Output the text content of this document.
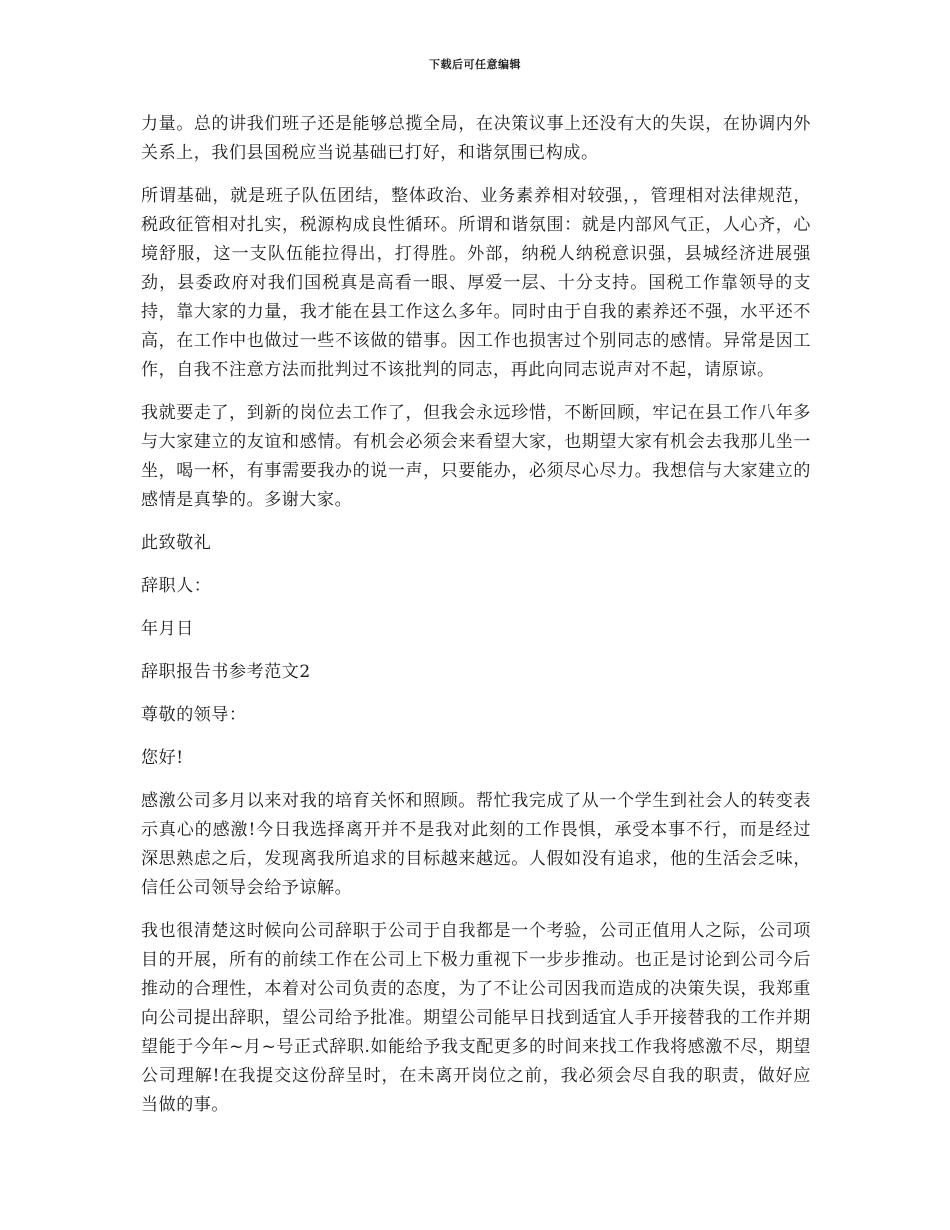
下载后可任意编辑

力量。总的讲我们班子还是能够总揽全局，在决策议事上还没有大的失误，在协调内外关系上，我们县国税应当说基础已打好，和谐氛围已构成。

所谓基础，就是班子队伍团结，整体政治、业务素养相对较强，，管理相对法律规范，税政征管相对扎实，税源构成良性循环。所谓和谐氛围：就是内部风气正，人心齐，心境舒服，这一支队伍能拉得出，打得胜。外部，纳税人纳税意识强，县城经济进展强劲，县委政府对我们国税真是高看一眼、厚爱一层、十分支持。国税工作靠领导的支持，靠大家的力量，我才能在县工作这么多年。同时由于自我的素养还不强，水平还不高，在工作中也做过一些不该做的错事。因工作也损害过个别同志的感情。异常是因工作，自我不注意方法而批判过不该批判的同志，再此向同志说声对不起，请原谅。

我就要走了，到新的岗位去工作了，但我会永远珍惜，不断回顾，牢记在县工作八年多与大家建立的友谊和感情。有机会必须会来看望大家，也期望大家有机会去我那儿坐一坐，喝一杯，有事需要我办的说一声，只要能办，必须尽心尽力。我想信与大家建立的感情是真挚的。多谢大家。

此致敬礼

辞职人：

年月日

辞职报告书参考范文2

尊敬的领导：

您好!

感激公司多月以来对我的培育关怀和照顾。帮忙我完成了从一个学生到社会人的转变表示真心的感激!今日我选择离开并不是我对此刻的工作畏惧，承受本事不行，而是经过深思熟虑之后，发现离我所追求的目标越来越远。人假如没有追求，他的生活会乏味，信任公司领导会给予谅解。

我也很清楚这时候向公司辞职于公司于自我都是一个考验，公司正值用人之际，公司项目的开展，所有的前续工作在公司上下极力重视下一步步推动。也正是讨论到公司今后推动的合理性，本着对公司负责的态度，为了不让公司因我而造成的决策失误，我郑重向公司提出辞职，望公司给予批准。期望公司能早日找到适宜人手开接替我的工作并期望能于今年~月~号正式辞职.如能给予我支配更多的时间来找工作我将感激不尽，期望公司理解!在我提交这份辞呈时，在未离开岗位之前，我必须会尽自我的职责，做好应当做的事。
